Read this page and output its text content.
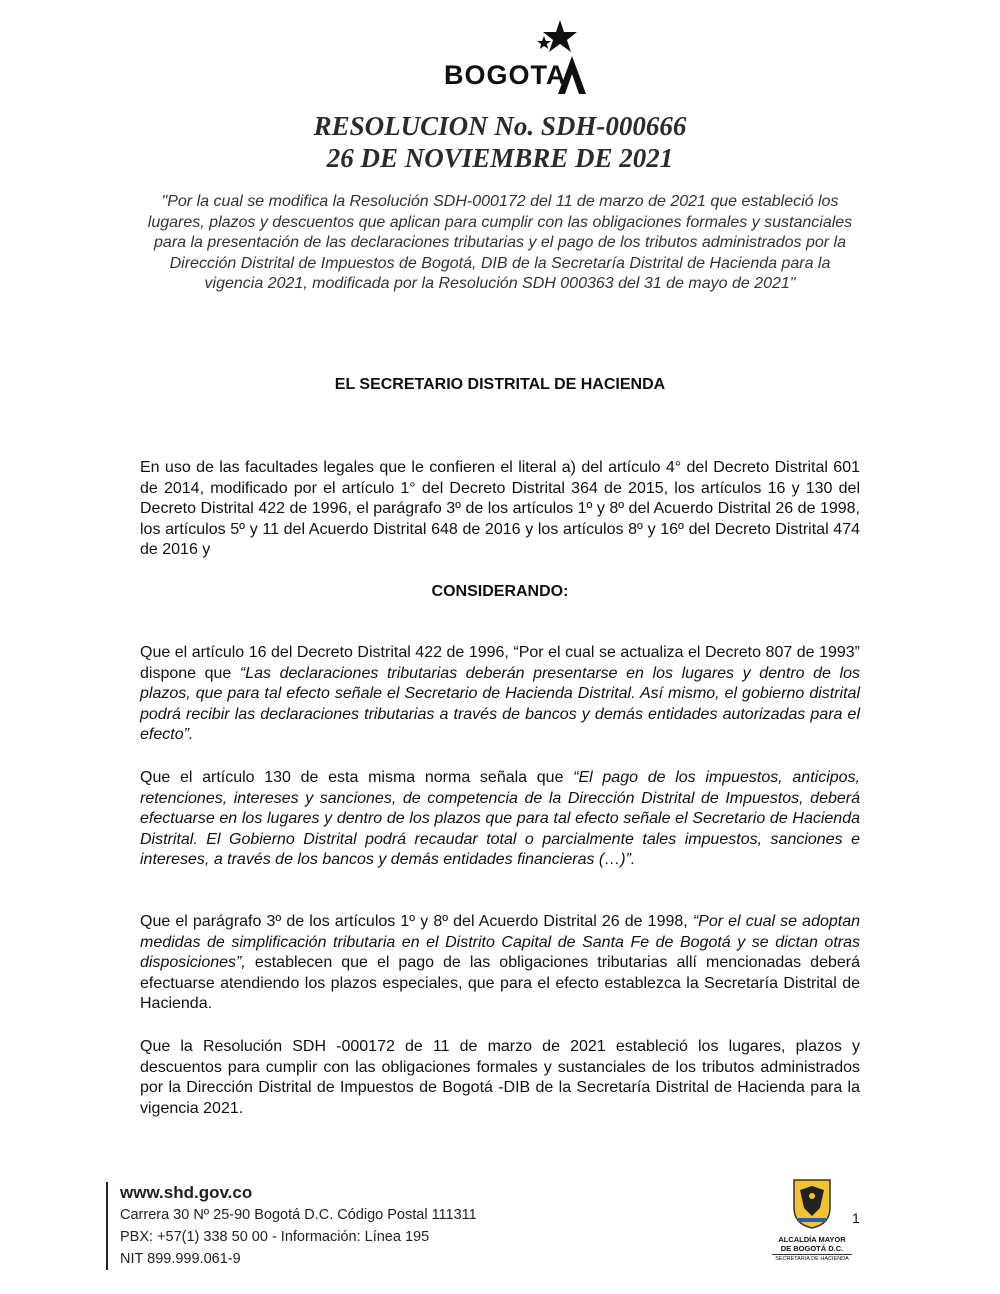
BOGOTA
RESOLUCION No. SDH-000666
26 DE NOVIEMBRE DE 2021

"Por la cual se modifica la Resolución SDH-000172 del 11 de marzo de 2021 que estableció los lugares, plazos y descuentos que aplican para cumplir con las obligaciones formales y sustanciales para la presentación de las declaraciones tributarias y el pago de los tributos administrados por la Dirección Distrital de Impuestos de Bogotá, DIB de la Secretaría Distrital de Hacienda para la vigencia 2021, modificada por la Resolución SDH 000363 del 31 de mayo de 2021"

EL SECRETARIO DISTRITAL DE HACIENDA

En uso de las facultades legales que le confieren el literal a) del artículo 4° del Decreto Distrital 601 de 2014, modificado por el artículo 1° del Decreto Distrital 364 de 2015, los artículos 16 y 130 del Decreto Distrital 422 de 1996, el parágrafo 3º de los artículos 1º y 8º del Acuerdo Distrital 26 de 1998, los artículos 5º y 11 del Acuerdo Distrital 648 de 2016 y los artículos 8º y 16º del Decreto Distrital 474 de 2016 y

CONSIDERANDO:

Que el artículo 16 del Decreto Distrital 422 de 1996, “Por el cual se actualiza el Decreto 807 de 1993” dispone que “Las declaraciones tributarias deberán presentarse en los lugares y dentro de los plazos, que para tal efecto señale el Secretario de Hacienda Distrital. Así mismo, el gobierno distrital podrá recibir las declaraciones tributarias a través de bancos y demás entidades autorizadas para el efecto”.

Que el artículo 130 de esta misma norma señala que “El pago de los impuestos, anticipos, retenciones, intereses y sanciones, de competencia de la Dirección Distrital de Impuestos, deberá efectuarse en los lugares y dentro de los plazos que para tal efecto señale el Secretario de Hacienda Distrital. El Gobierno Distrital podrá recaudar total o parcialmente tales impuestos, sanciones e intereses, a través de los bancos y demás entidades financieras (…)”.

Que el parágrafo 3º de los artículos 1º y 8º del Acuerdo Distrital 26 de 1998, “Por el cual se adoptan medidas de simplificación tributaria en el Distrito Capital de Santa Fe de Bogotá y se dictan otras disposiciones”, establecen que el pago de las obligaciones tributarias allí mencionadas deberá efectuarse atendiendo los plazos especiales, que para el efecto establezca la Secretaría Distrital de Hacienda.

Que la Resolución SDH -000172 de 11 de marzo de 2021 estableció los lugares, plazos y descuentos para cumplir con las obligaciones formales y sustanciales de los tributos administrados por la Dirección Distrital de Impuestos de Bogotá -DIB de la Secretaría Distrital de Hacienda para la vigencia 2021.

www.shd.gov.co

Carrera 30 Nº 25-90 Bogotá D.C. Código Postal 111311

PBX: +57(1) 338 50 00 - Información: Línea 195

NIT 899.999.061-9

ALCALDÍA MAYOR

DE BOGOTÁ D.C.

SECRETARIA DE HACIENDA

1
